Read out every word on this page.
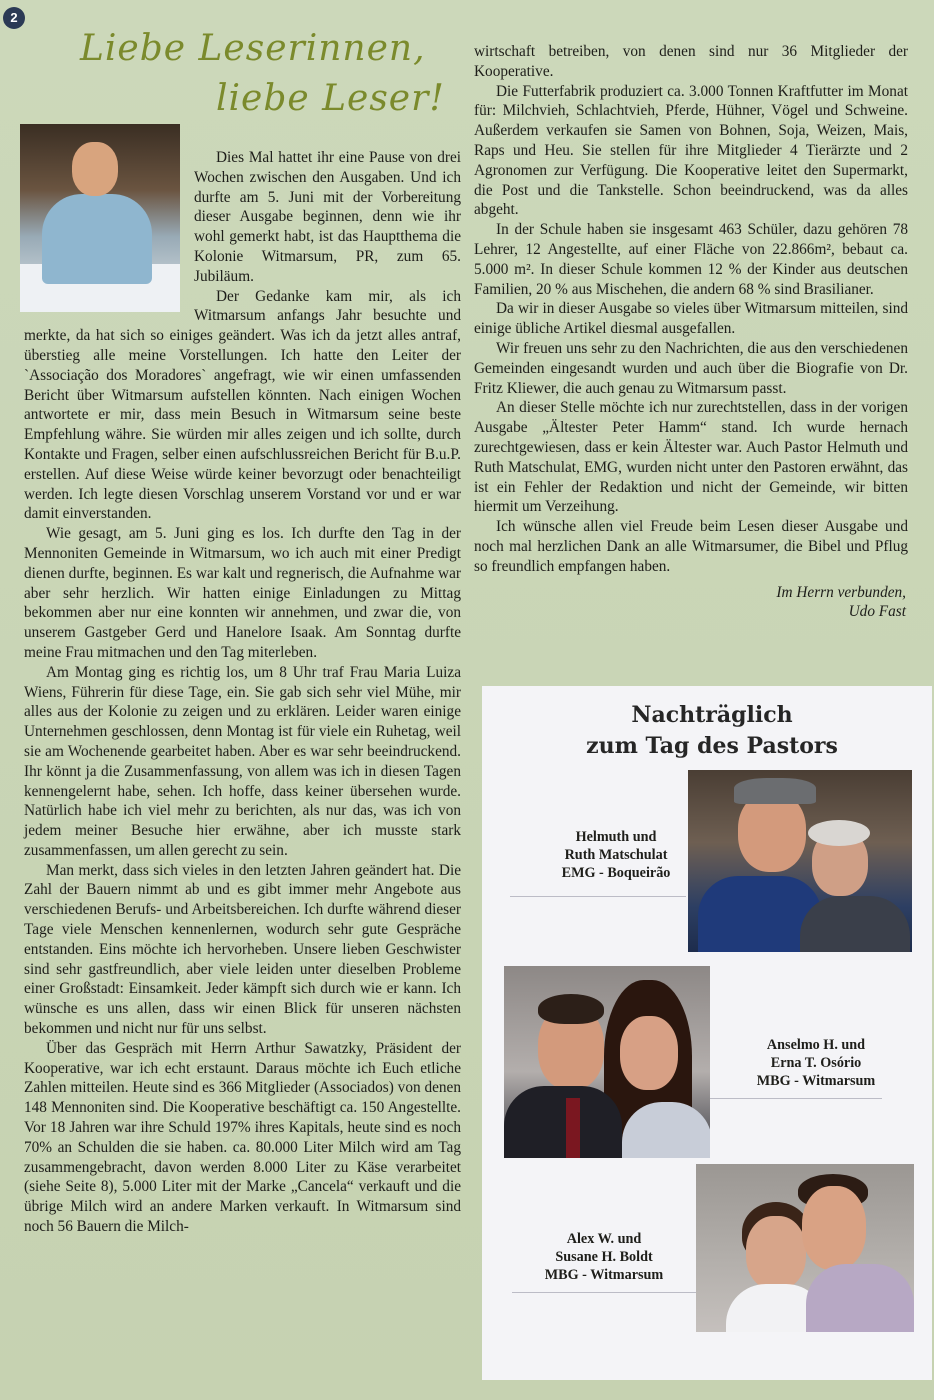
2
Liebe Leserinnen,
liebe Leser!

Dies Mal hattet ihr eine Pause von drei Wochen zwischen den Ausgaben. Und ich durfte am 5. Juni mit der Vorbereitung dieser Ausgabe beginnen, denn wie ihr wohl gemerkt habt, ist das Hauptthema die Kolonie Witmarsum, PR, zum 65. Jubiläum.

Der Gedanke kam mir, als ich Witmarsum anfangs Jahr besuchte und merkte, da hat sich so einiges geändert. Was ich da jetzt alles antraf, überstieg alle meine Vorstellungen. Ich hatte den Leiter der `Associação dos Moradores` angefragt, wie wir einen umfassenden Bericht über Witmarsum aufstellen könnten. Nach einigen Wochen antwortete er mir, dass mein Besuch in Witmarsum seine beste Empfehlung währe. Sie würden mir alles zeigen und ich sollte, durch Kontakte und Fragen, selber einen aufschlussreichen Bericht für B.u.P. erstellen. Auf diese Weise würde keiner bevorzugt oder benachteiligt werden. Ich legte diesen Vorschlag unserem Vorstand vor und er war damit einverstanden.

Wie gesagt, am 5. Juni ging es los. Ich durfte den Tag in der Mennoniten Gemeinde in Witmarsum, wo ich auch mit einer Predigt dienen durfte, beginnen. Es war kalt und regnerisch, die Aufnahme war aber sehr herzlich. Wir hatten einige Einladungen zu Mittag bekommen aber nur eine konnten wir annehmen, und zwar die, von unserem Gastgeber Gerd und Hanelore Isaak. Am Sonntag durfte meine Frau mitmachen und den Tag miterleben.

Am Montag ging es richtig los, um 8 Uhr traf Frau Maria Luiza Wiens, Führerin für diese Tage, ein. Sie gab sich sehr viel Mühe, mir alles aus der Kolonie zu zeigen und zu erklären. Leider waren einige Unternehmen geschlossen, denn Montag ist für viele ein Ruhetag, weil sie am Wochenende gearbeitet haben. Aber es war sehr beeindruckend. Ihr könnt ja die Zusammenfassung, von allem was ich in diesen Tagen kennengelernt habe, sehen. Ich hoffe, dass keiner übersehen wurde. Natürlich habe ich viel mehr zu berichten, als nur das, was ich von jedem meiner Besuche hier erwähne, aber ich musste stark zusammenfassen, um allen gerecht zu sein.

Man merkt, dass sich vieles in den letzten Jahren geändert hat. Die Zahl der Bauern nimmt ab und es gibt immer mehr Angebote aus verschiedenen Berufs- und Arbeitsbereichen. Ich durfte während dieser Tage viele Menschen kennenlernen, wodurch sehr gute Gespräche entstanden. Eins möchte ich hervorheben. Unsere lieben Geschwister sind sehr gastfreundlich, aber viele leiden unter dieselben Probleme einer Großstadt: Einsamkeit. Jeder kämpft sich durch wie er kann. Ich wünsche es uns allen, dass wir einen Blick für unseren nächsten bekommen und nicht nur für uns selbst.

Über das Gespräch mit Herrn Arthur Sawatzky, Präsident der Kooperative, war ich echt erstaunt. Daraus möchte ich Euch etliche Zahlen mitteilen. Heute sind es 366 Mitglieder (Associados) von denen 148 Mennoniten sind. Die Kooperative beschäftigt ca. 150 Angestellte. Vor 18 Jahren war ihre Schuld 197% ihres Kapitals, heute sind es noch 70% an Schulden die sie haben. ca. 80.000 Liter Milch wird am Tag zusammengebracht, davon werden 8.000 Liter zu Käse verarbeitet (siehe Seite 8), 5.000 Liter mit der Marke „Cancela“ verkauft und die übrige Milch wird an andere Marken verkauft. In Witmarsum sind noch 56 Bauern die Milch-

wirtschaft betreiben, von denen sind nur 36 Mitglieder der Kooperative.

Die Futterfabrik produziert ca. 3.000 Tonnen Kraftfutter im Monat für: Milchvieh, Schlachtvieh, Pferde, Hühner, Vögel und Schweine. Außerdem verkaufen sie Samen von Bohnen, Soja, Weizen, Mais, Raps und Heu. Sie stellen für ihre Mitglieder 4 Tierärzte und 2 Agronomen zur Verfügung. Die Kooperative leitet den Supermarkt, die Post und die Tankstelle. Schon beeindruckend, was da alles abgeht.

In der Schule haben sie insgesamt 463 Schüler, dazu gehören 78 Lehrer, 12 Angestellte, auf einer Fläche von 22.866m², bebaut ca. 5.000 m². In dieser Schule kommen 12 % der Kinder aus deutschen Familien, 20 % aus Mischehen, die andern 68 % sind Brasilianer.

Da wir in dieser Ausgabe so vieles über Witmarsum mitteilen, sind einige übliche Artikel diesmal ausgefallen.

Wir freuen uns sehr zu den Nachrichten, die aus den verschiedenen Gemeinden eingesandt wurden und auch über die Biografie von Dr. Fritz Kliewer, die auch genau zu Witmarsum passt.

An dieser Stelle möchte ich nur zurechtstellen, dass in der vorigen Ausgabe „Ältester Peter Hamm“ stand. Ich wurde hernach zurechtgewiesen, dass er kein Ältester war. Auch Pastor Helmuth und Ruth Matschulat, EMG, wurden nicht unter den Pastoren erwähnt, das ist ein Fehler der Redaktion und nicht der Gemeinde, wir bitten hiermit um Verzeihung.

Ich wünsche allen viel Freude beim Lesen dieser Ausgabe und noch mal herzlichen Dank an alle Witmarsumer, die Bibel und Pflug so freundlich empfangen haben.

Im Herrn verbunden,
Udo Fast
Nachträglich
zum Tag des Pastors
Helmuth und
Ruth Matschulat
EMG - Boqueirão
Anselmo H. und
Erna T. Osório
MBG - Witmarsum
Alex W. und
Susane H. Boldt
MBG - Witmarsum
